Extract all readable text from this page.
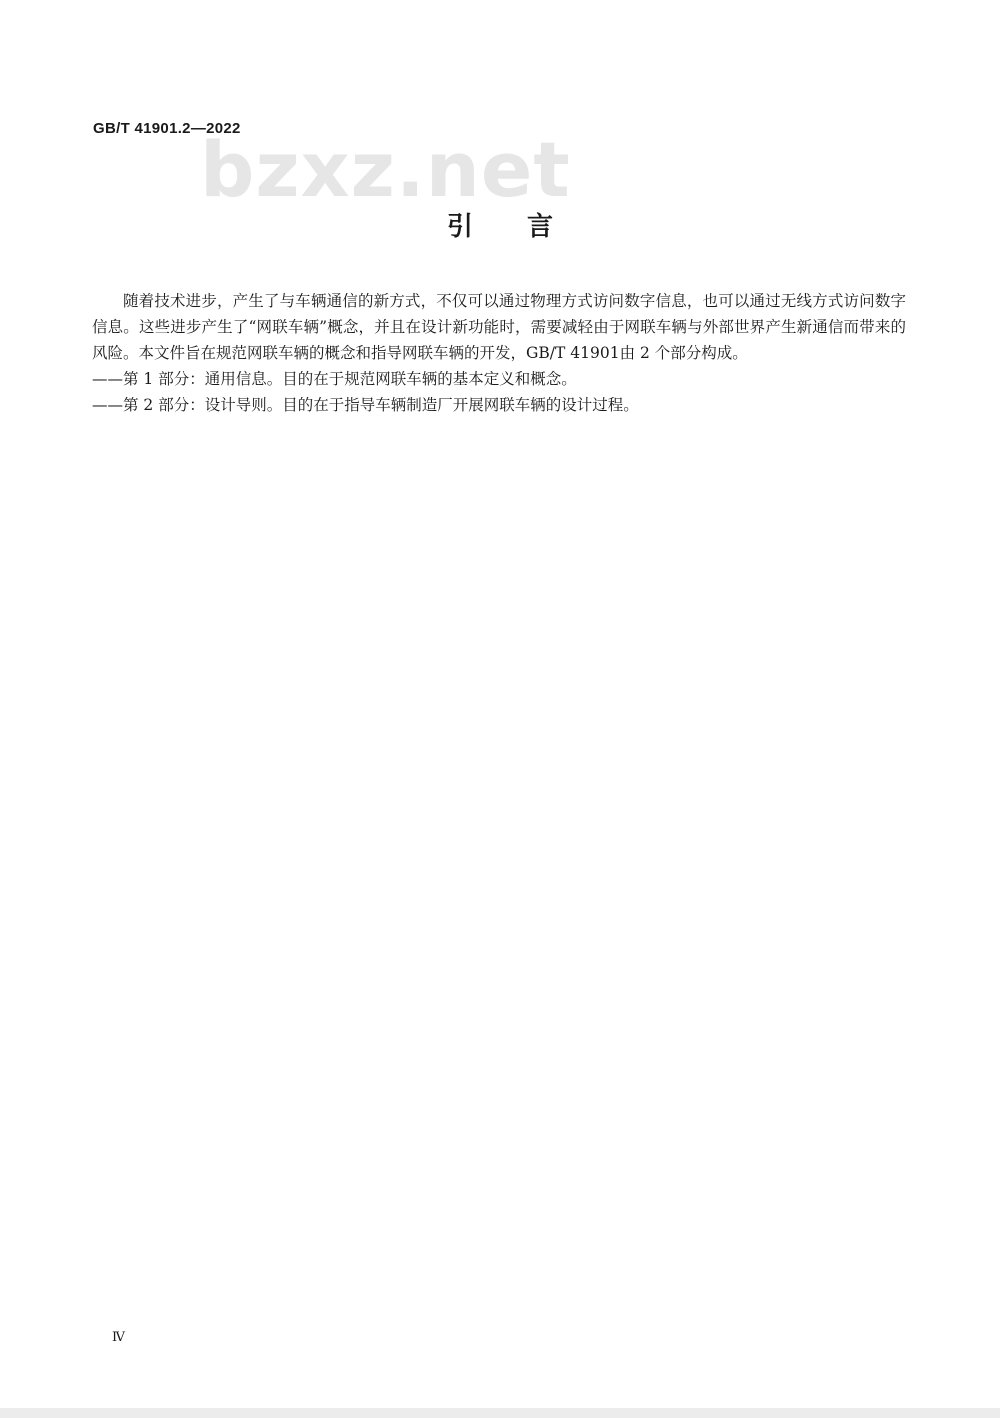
GB/T 41901.2—2022
bzxz.net
引 言

随着技术进步，产生了与车辆通信的新方式，不仅可以通过物理方式访问数字信息，也可以通过无线方式访问数字信息。这些进步产生了“网联车辆”概念，并且在设计新功能时，需要减轻由于网联车辆与外部世界产生新通信而带来的风险。本文件旨在规范网联车辆的概念和指导网联车辆的开发，GB/T 41901由 2 个部分构成。

——第 1 部分：通用信息。目的在于规范网联车辆的基本定义和概念。

——第 2 部分：设计导则。目的在于指导车辆制造厂开展网联车辆的设计过程。

Ⅳ
